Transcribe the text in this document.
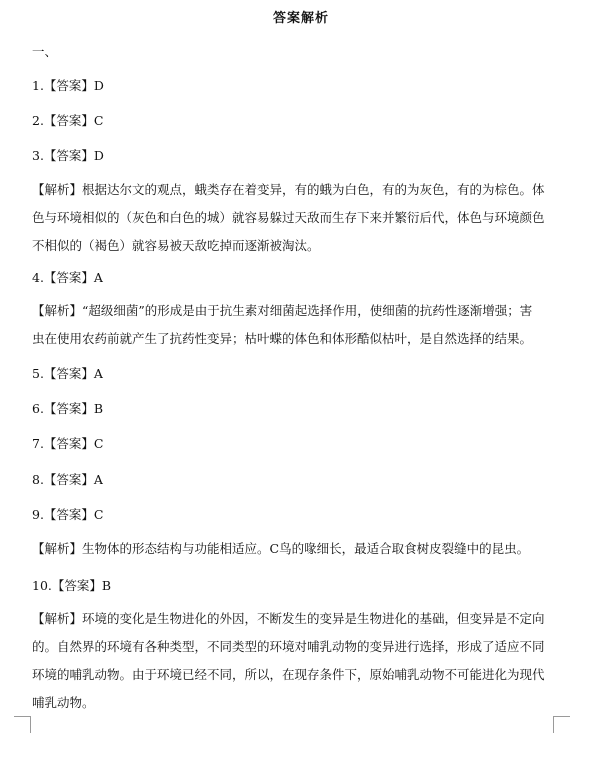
答案解析
一、
1.【答案】D
2.【答案】C
3.【答案】D
【解析】根据达尔文的观点，蛾类存在着变异，有的蛾为白色，有的为灰色，有的为棕色。体
色与环境相似的（灰色和白色的城）就容易躲过天敌而生存下来并繁衍后代，体色与环境颜色
不相似的（褐色）就容易被天敌吃掉而逐渐被淘汰。
4.【答案】A
【解析】“超级细菌”的形成是由于抗生素对细菌起选择作用，使细菌的抗药性逐渐增强；害
虫在使用农药前就产生了抗药性变异；枯叶蝶的体色和体形酷似枯叶，是自然选择的结果。
5.【答案】A
6.【答案】B
7.【答案】C
8.【答案】A
9.【答案】C
【解析】生物体的形态结构与功能相适应。C鸟的喙细长，最适合取食树皮裂缝中的昆虫。
10.【答案】B
【解析】环境的变化是生物进化的外因，不断发生的变异是生物进化的基础，但变异是不定向
的。自然界的环境有各种类型，不同类型的环境对哺乳动物的变异进行选择，形成了适应不同
环境的哺乳动物。由于环境已经不同，所以，在现存条件下，原始哺乳动物不可能进化为现代
哺乳动物。
